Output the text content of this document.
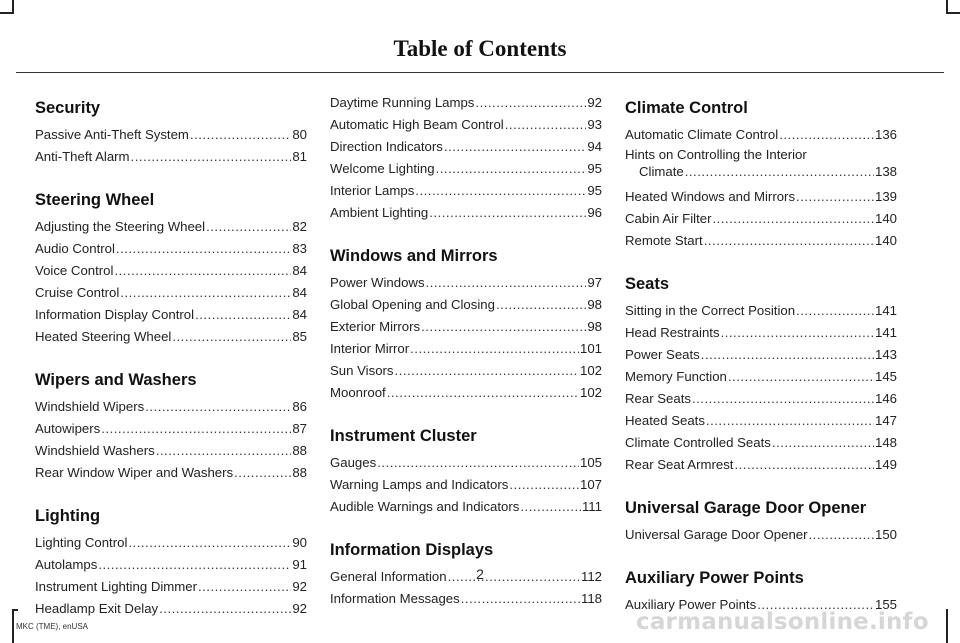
Table of Contents
Security
Passive Anti-Theft System .....	80
Anti-Theft Alarm .....	81
Steering Wheel
Adjusting the Steering Wheel .....	82
Audio Control .....	83
Voice Control .....	84
Cruise Control .....	84
Information Display Control .....	84
Heated Steering Wheel .....	85
Wipers and Washers
Windshield Wipers .....	86
Autowipers .....	87
Windshield Washers .....	88
Rear Window Wiper and Washers .....	88
Lighting
Lighting Control .....	90
Autolamps .....	91
Instrument Lighting Dimmer .....	92
Headlamp Exit Delay .....	92
Daytime Running Lamps .....	92
Automatic High Beam Control .....	93
Direction Indicators .....	94
Welcome Lighting .....	95
Interior Lamps .....	95
Ambient Lighting .....	96
Windows and Mirrors
Power Windows .....	97
Global Opening and Closing .....	98
Exterior Mirrors .....	98
Interior Mirror .....	101
Sun Visors .....	102
Moonroof .....	102
Instrument Cluster
Gauges .....	105
Warning Lamps and Indicators .....	107
Audible Warnings and Indicators .....	111
Information Displays
General Information .....	112
Information Messages .....	118
Climate Control
Automatic Climate Control .....	136
Hints on Controlling the Interior
Climate .....	138
Heated Windows and Mirrors .....	139
Cabin Air Filter .....	140
Remote Start .....	140
Seats
Sitting in the Correct Position .....	141
Head Restraints .....	141
Power Seats .....	143
Memory Function .....	145
Rear Seats .....	146
Heated Seats .....	147
Climate Controlled Seats .....	148
Rear Seat Armrest .....	149
Universal Garage Door Opener
Universal Garage Door Opener .....	150
Auxiliary Power Points
Auxiliary Power Points .....	155
2
MKC (TME), enUSA	carmanualsonline.info
